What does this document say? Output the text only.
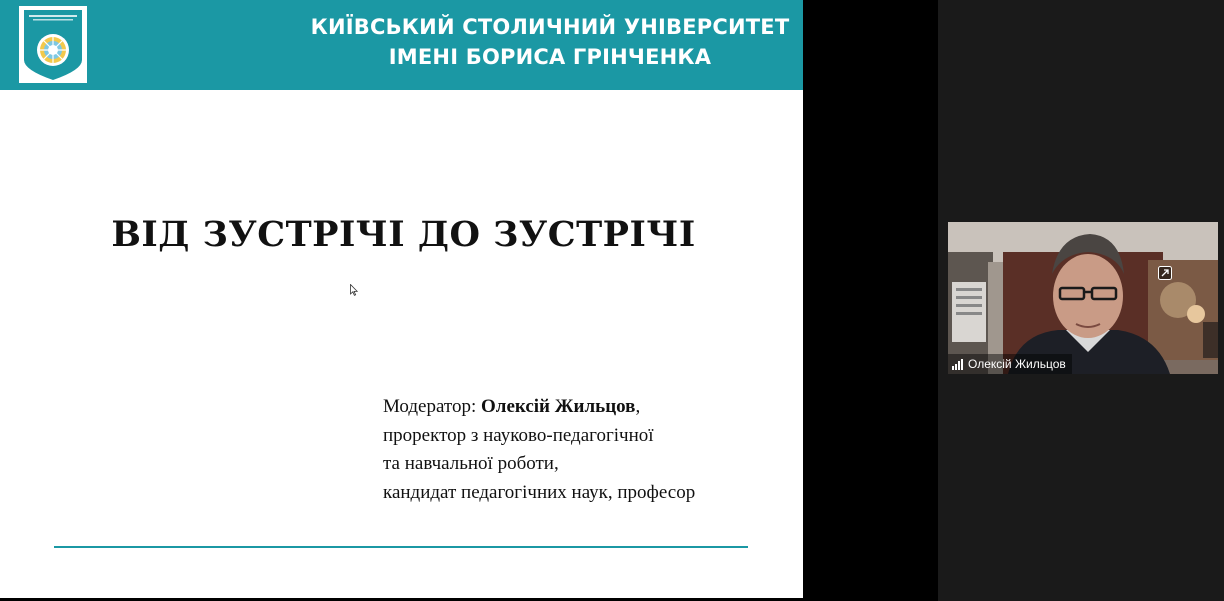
КИЇВСЬКИЙ СТОЛИЧНИЙ УНІВЕРСИТЕТ
ІМЕНІ БОРИСА ГРІНЧЕНКА
ВІД ЗУСТРІЧІ ДО ЗУСТРІЧІ
Модератор: Олексій Жильцов,
проректор з науково-педагогічної
та навчальної роботи,
кандидат педагогічних наук, професор
Олексій Жильцов
